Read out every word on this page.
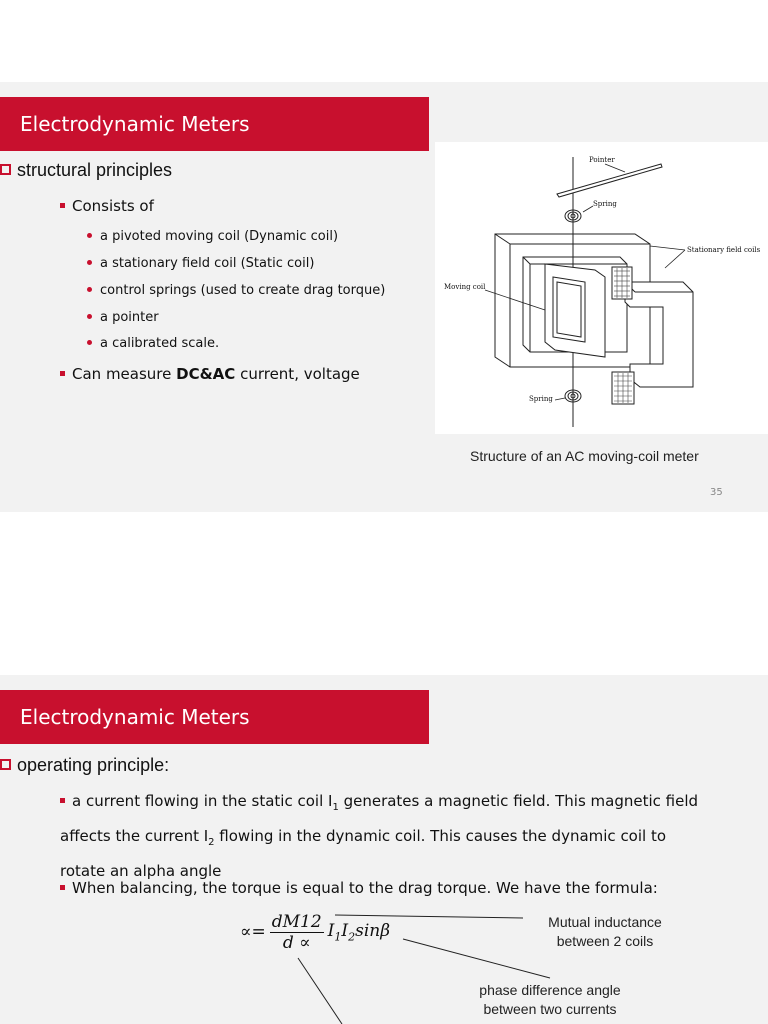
Electrodynamic Meters
structural principles
Consists of
a pivoted moving coil (Dynamic coil)
a stationary field coil (Static coil)
control springs (used to create drag torque)
a pointer
a calibrated scale.
Can measure DC&AC current, voltage
Pointer
Spring
Stationary field coils
Moving coil
Spring
Structure of an AC moving-coil meter
35
Electrodynamic Meters
operating principle:
a current flowing in the static coil $I_1$ generates a magnetic field. This magnetic field affects the current $I_2$ flowing in the dynamic coil. This causes the dynamic coil to rotate an alpha angle
When balancing, the torque is equal to the drag torque. We have the formula:
∝= $\frac{dM12}{d \propto} I_1I_2\sin\beta$	Mutual inductance
between 2 coils
phase difference angle
between two currents
